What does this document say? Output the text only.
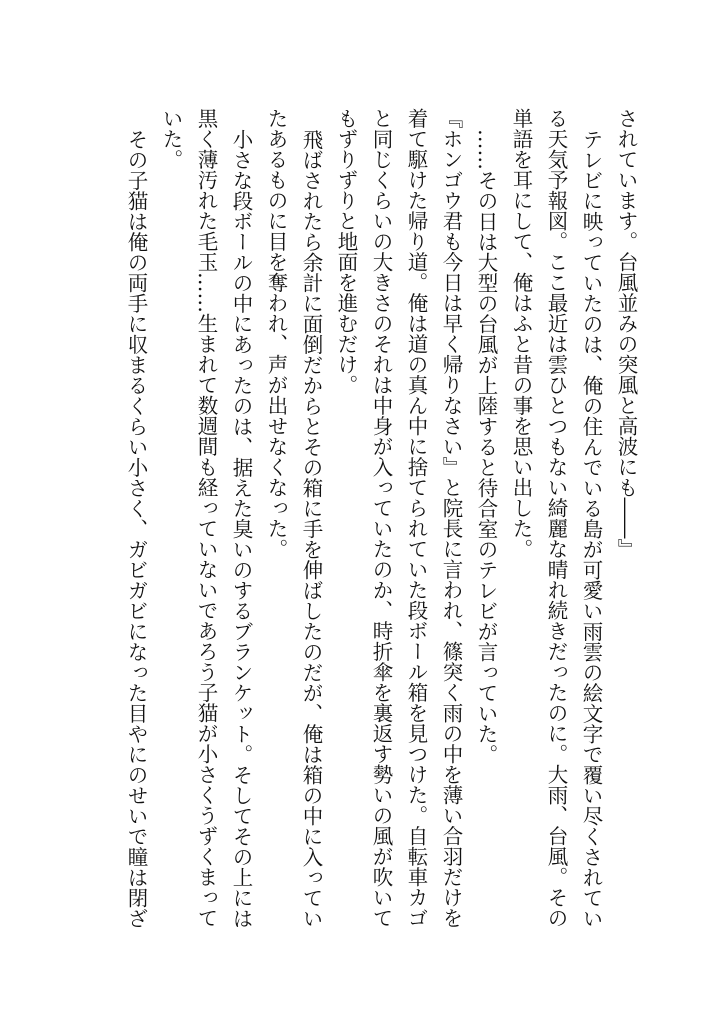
されています。台風並みの突風と高波にも――』

テレビに映っていたのは、俺の住んでいる島が可愛い雨雲の絵文字で覆い尽くされてい

る天気予報図。ここ最近は雲ひとつもない綺麗な晴れ続きだったのに。大雨、台風。その

単語を耳にして、俺はふと昔の事を思い出した。

……その日は大型の台風が上陸すると待合室のテレビが言っていた。

『ホンゴウ君も今日は早く帰りなさい』と院長に言われ、篠突く雨の中を薄い合羽だけを

着て駆けた帰り道。俺は道の真ん中に捨てられていた段ボール箱を見つけた。自転車カゴ

と同じくらいの大きさのそれは中身が入っていたのか、時折傘を裏返す勢いの風が吹いて

もずりずりと地面を進むだけ。

飛ばされたら余計に面倒だからとその箱に手を伸ばしたのだが、俺は箱の中に入ってい

たあるものに目を奪われ、声が出せなくなった。

小さな段ボールの中にあったのは、据えた臭いのするブランケット。そしてその上には

黒く薄汚れた毛玉……生まれて数週間も経っていないであろう子猫が小さくうずくまって

いた。

その子猫は俺の両手に収まるくらい小さく、ガビガビになった目やにのせいで瞳は閉ざ
